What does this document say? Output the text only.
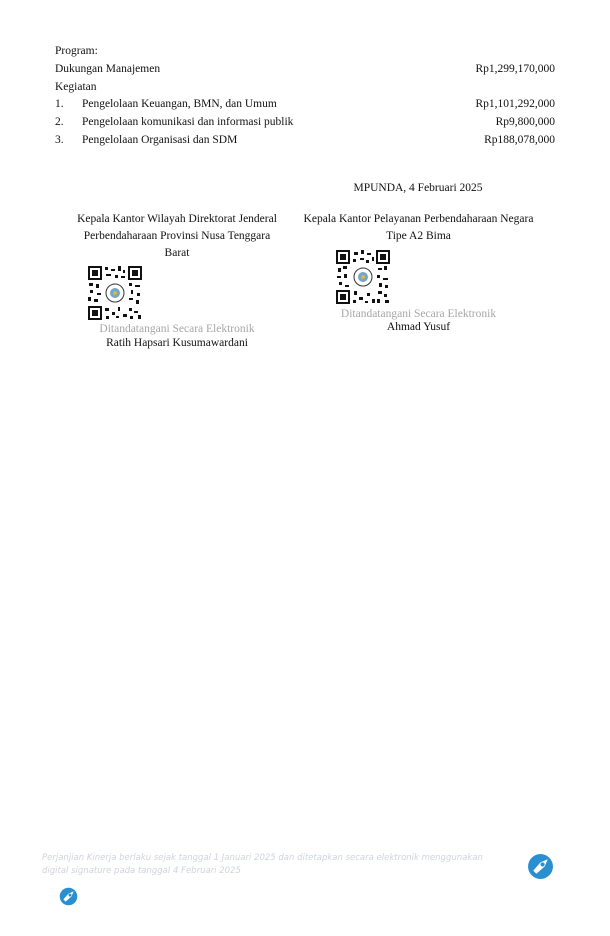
Program:
Dukungan Manajemen	Rp1,299,170,000
Kegiatan
1. Pengelolaan Keuangan, BMN, dan Umum	Rp1,101,292,000
2. Pengelolaan komunikasi dan informasi publik	Rp9,800,000
3. Pengelolaan Organisasi dan SDM	Rp188,078,000
MPUNDA, 4 Februari 2025
Kepala Kantor Wilayah Direktorat Jenderal
Perbendaharaan Provinsi Nusa Tenggara
Barat
Ditandatangani Secara Elektronik
Ratih Hapsari Kusumawardani
Kepala Kantor Pelayanan Perbendaharaan Negara
Tipe A2 Bima
Ditandatangani Secara Elektronik
Ahmad Yusuf
Perjanjian Kinerja berlaku sejak tanggal 1 Januari 2025 dan ditetapkan secara elektronik menggunakan
digital signature pada tanggal 4 Februari 2025
